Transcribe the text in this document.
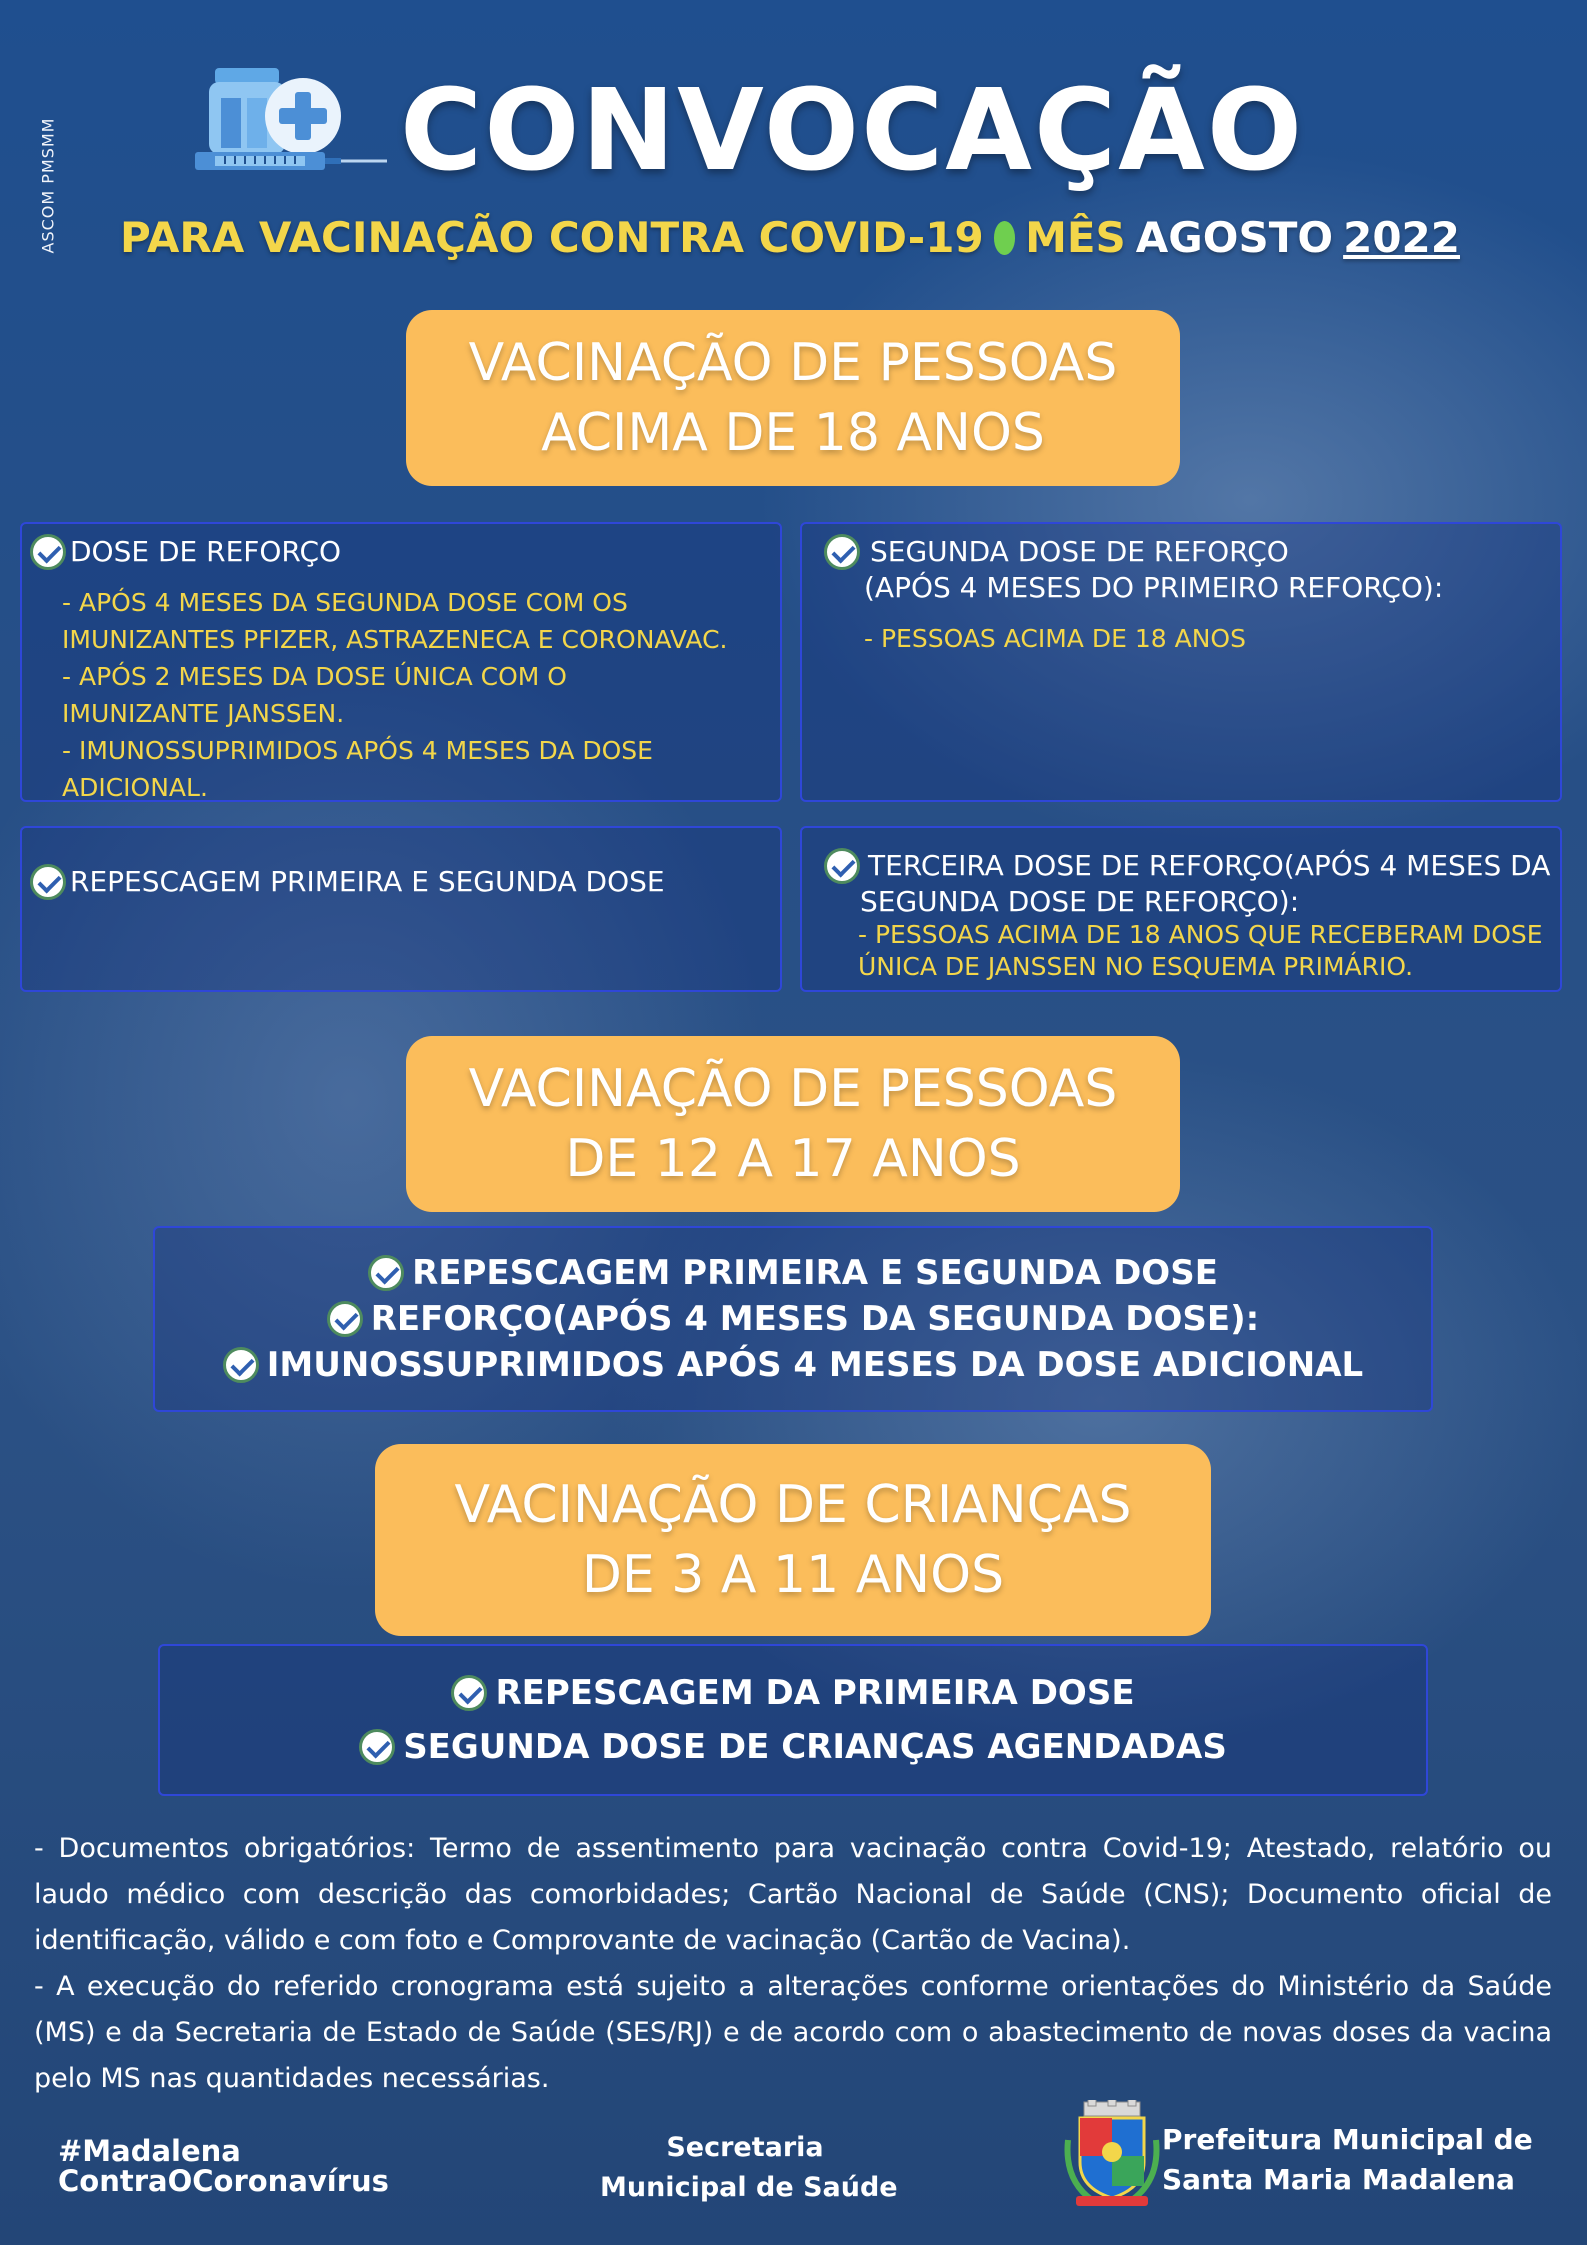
ASCOM PMSMM	CONVOCAÇÃO
PARA VACINAÇÃO CONTRA COVID-19 MÊS AGOSTO 2022
VACINAÇÃO DE PESSOAS
ACIMA DE 18 ANOS
DOSE DE REFORÇO
- APÓS 4 MESES DA SEGUNDA DOSE COM OS
IMUNIZANTES PFIZER, ASTRAZENECA E CORONAVAC.
- APÓS 2 MESES DA DOSE ÚNICA COM O
IMUNIZANTE JANSSEN.
- IMUNOSSUPRIMIDOS APÓS 4 MESES DA DOSE
ADICIONAL.
SEGUNDA DOSE DE REFORÇO
(APÓS 4 MESES DO PRIMEIRO REFORÇO):
- PESSOAS ACIMA DE 18 ANOS
REPESCAGEM PRIMEIRA E SEGUNDA DOSE	TERCEIRA DOSE DE REFORÇO(APÓS 4 MESES DA
SEGUNDA DOSE DE REFORÇO):
- PESSOAS ACIMA DE 18 ANOS QUE RECEBERAM DOSE
ÚNICA DE JANSSEN NO ESQUEMA PRIMÁRIO.
VACINAÇÃO DE PESSOAS
DE 12 A 17 ANOS
REPESCAGEM PRIMEIRA E SEGUNDA DOSE
REFORÇO(APÓS 4 MESES DA SEGUNDA DOSE):
IMUNOSSUPRIMIDOS APÓS 4 MESES DA DOSE ADICIONAL
VACINAÇÃO DE CRIANÇAS
DE 3 A 11 ANOS
REPESCAGEM DA PRIMEIRA DOSE
SEGUNDA DOSE DE CRIANÇAS AGENDADAS

- Documentos obrigatórios: Termo de assentimento para vacinação contra Covid-19; Atestado, relatório ou laudo médico com descrição das comorbidades; Cartão Nacional de Saúde (CNS); Documento oficial de identificação, válido e com foto e Comprovante de vacinação (Cartão de Vacina).

- A execução do referido cronograma está sujeito a alterações conforme orientações do Ministério da Saúde (MS) e da Secretaria de Estado de Saúde (SES/RJ) e de acordo com o abastecimento de novas doses da vacina pelo MS nas quantidades necessárias.

#Madalena
ContraOCoronavírus
Secretaria
Municipal de Saúde
Prefeitura Municipal de
Santa Maria Madalena
